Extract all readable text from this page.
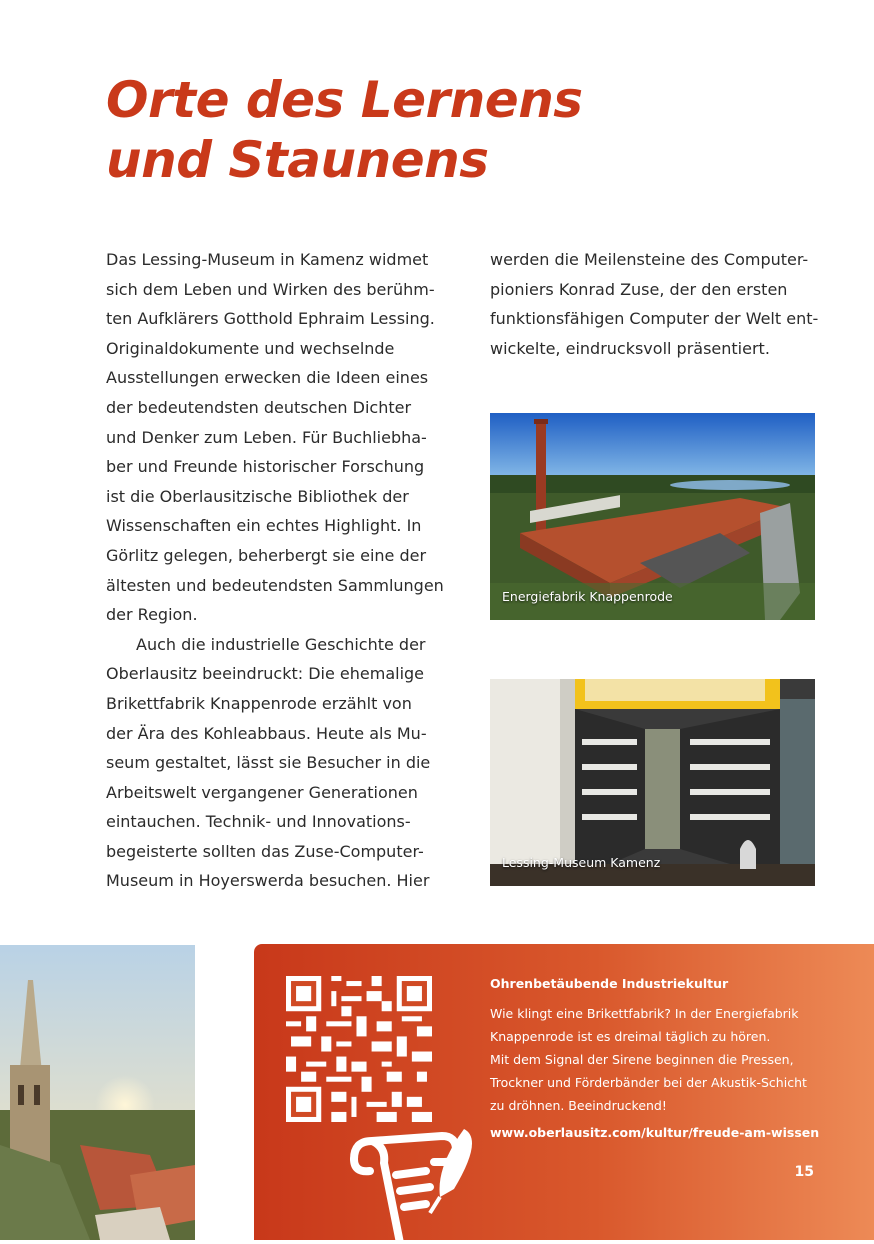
Orte des Lernens
und Staunens
Das Lessing-Museum in Kamenz widmet
sich dem Leben und Wirken des berühm-
ten Aufklärers Gotthold Ephraim Lessing.
Originaldokumente und wechselnde
Ausstellungen erwecken die Ideen eines
der bedeutendsten deutschen Dichter
und Denker zum Leben. Für Buchliebha-
ber und Freunde historischer Forschung
ist die Oberlausitzische Bibliothek der
Wissenschaften ein echtes Highlight. In
Görlitz gelegen, beherbergt sie eine der
ältesten und bedeutendsten Sammlungen
der Region.
Auch die industrielle Geschichte der
Oberlausitz beeindruckt: Die ehemalige
Brikettfabrik Knappenrode erzählt von
der Ära des Kohleabbaus. Heute als Mu-
seum gestaltet, lässt sie Besucher in die
Arbeitswelt vergangener Generationen
eintauchen. Technik- und Innovations-
begeisterte sollten das Zuse-Computer-
Museum in Hoyerswerda besuchen. Hier
werden die Meilensteine des Computer-
pioniers Konrad Zuse, der den ersten
funktionsfähigen Computer der Welt ent-
wickelte, eindrucksvoll präsentiert.
Energiefabrik Knappenrode
Lessing-Museum Kamenz
Ohrenbetäubende Industriekultur
Wie klingt eine Brikettfabrik? In der Energiefabrik
Knappenrode ist es dreimal täglich zu hören.
Mit dem Signal der Sirene beginnen die Pressen,
Trockner und Förderbänder bei der Akustik-Schicht
zu dröhnen. Beeindruckend!
www.oberlausitz.com/kultur/freude-am-wissen
15
